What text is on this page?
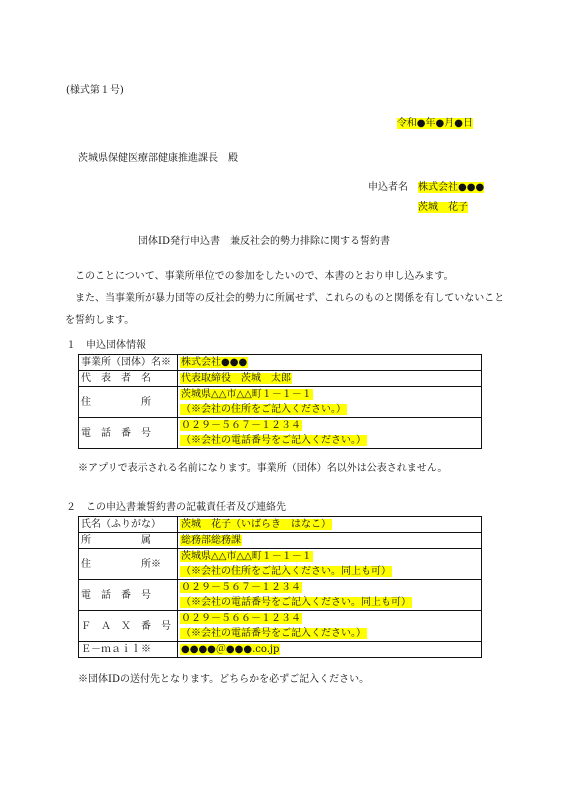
(様式第１号)
令和●年●月●日
茨城県保健医療部健康推進課長　殿
申込者名 株式会社●●●
茨城　花子
団体ID発行申込書　兼反社会的勢力排除に関する誓約書
　このことについて、事業所単位での参加をしたいので、本書のとおり申し込みます。
　また、当事業所が暴力団等の反社会的勢力に所属せず、これらのものと関係を有していないことを誓約します。
１　申込団体情報
事業所（団体）名※	株式会社●●●

代　表　者　名	代表取締役　茨城　太郎

住　　　　　所	茨城県△△市△△町１－１－１
（※会社の住所をご記入ください。）

電　話　番　号	０２９－５６７－１２３４
（※会社の電話番号をご記入ください。）
※アプリで表示される名前になります。事業所（団体）名以外は公表されません。
２　この申込書兼誓約書の記載責任者及び連絡先
氏名（ふりがな）	茨城　花子（いばらき　はなこ）

所　　　　　属	総務部総務課

住　　　　　所※	茨城県△△市△△町１－１－１
（※会社の住所をご記入ください。同上も可）

電　話　番　号	０２９－５６７－１２３４
（※会社の電話番号をご記入ください。同上も可）

Ｆ　Ａ　Ｘ　番　号	０２９－５６６－１２３４
（※会社の電話番号をご記入ください。）

Ｅ－ｍａｉｌ※	●●●●＠●●●.co.jp
※団体IDの送付先となります。どちらかを必ずご記入ください。
